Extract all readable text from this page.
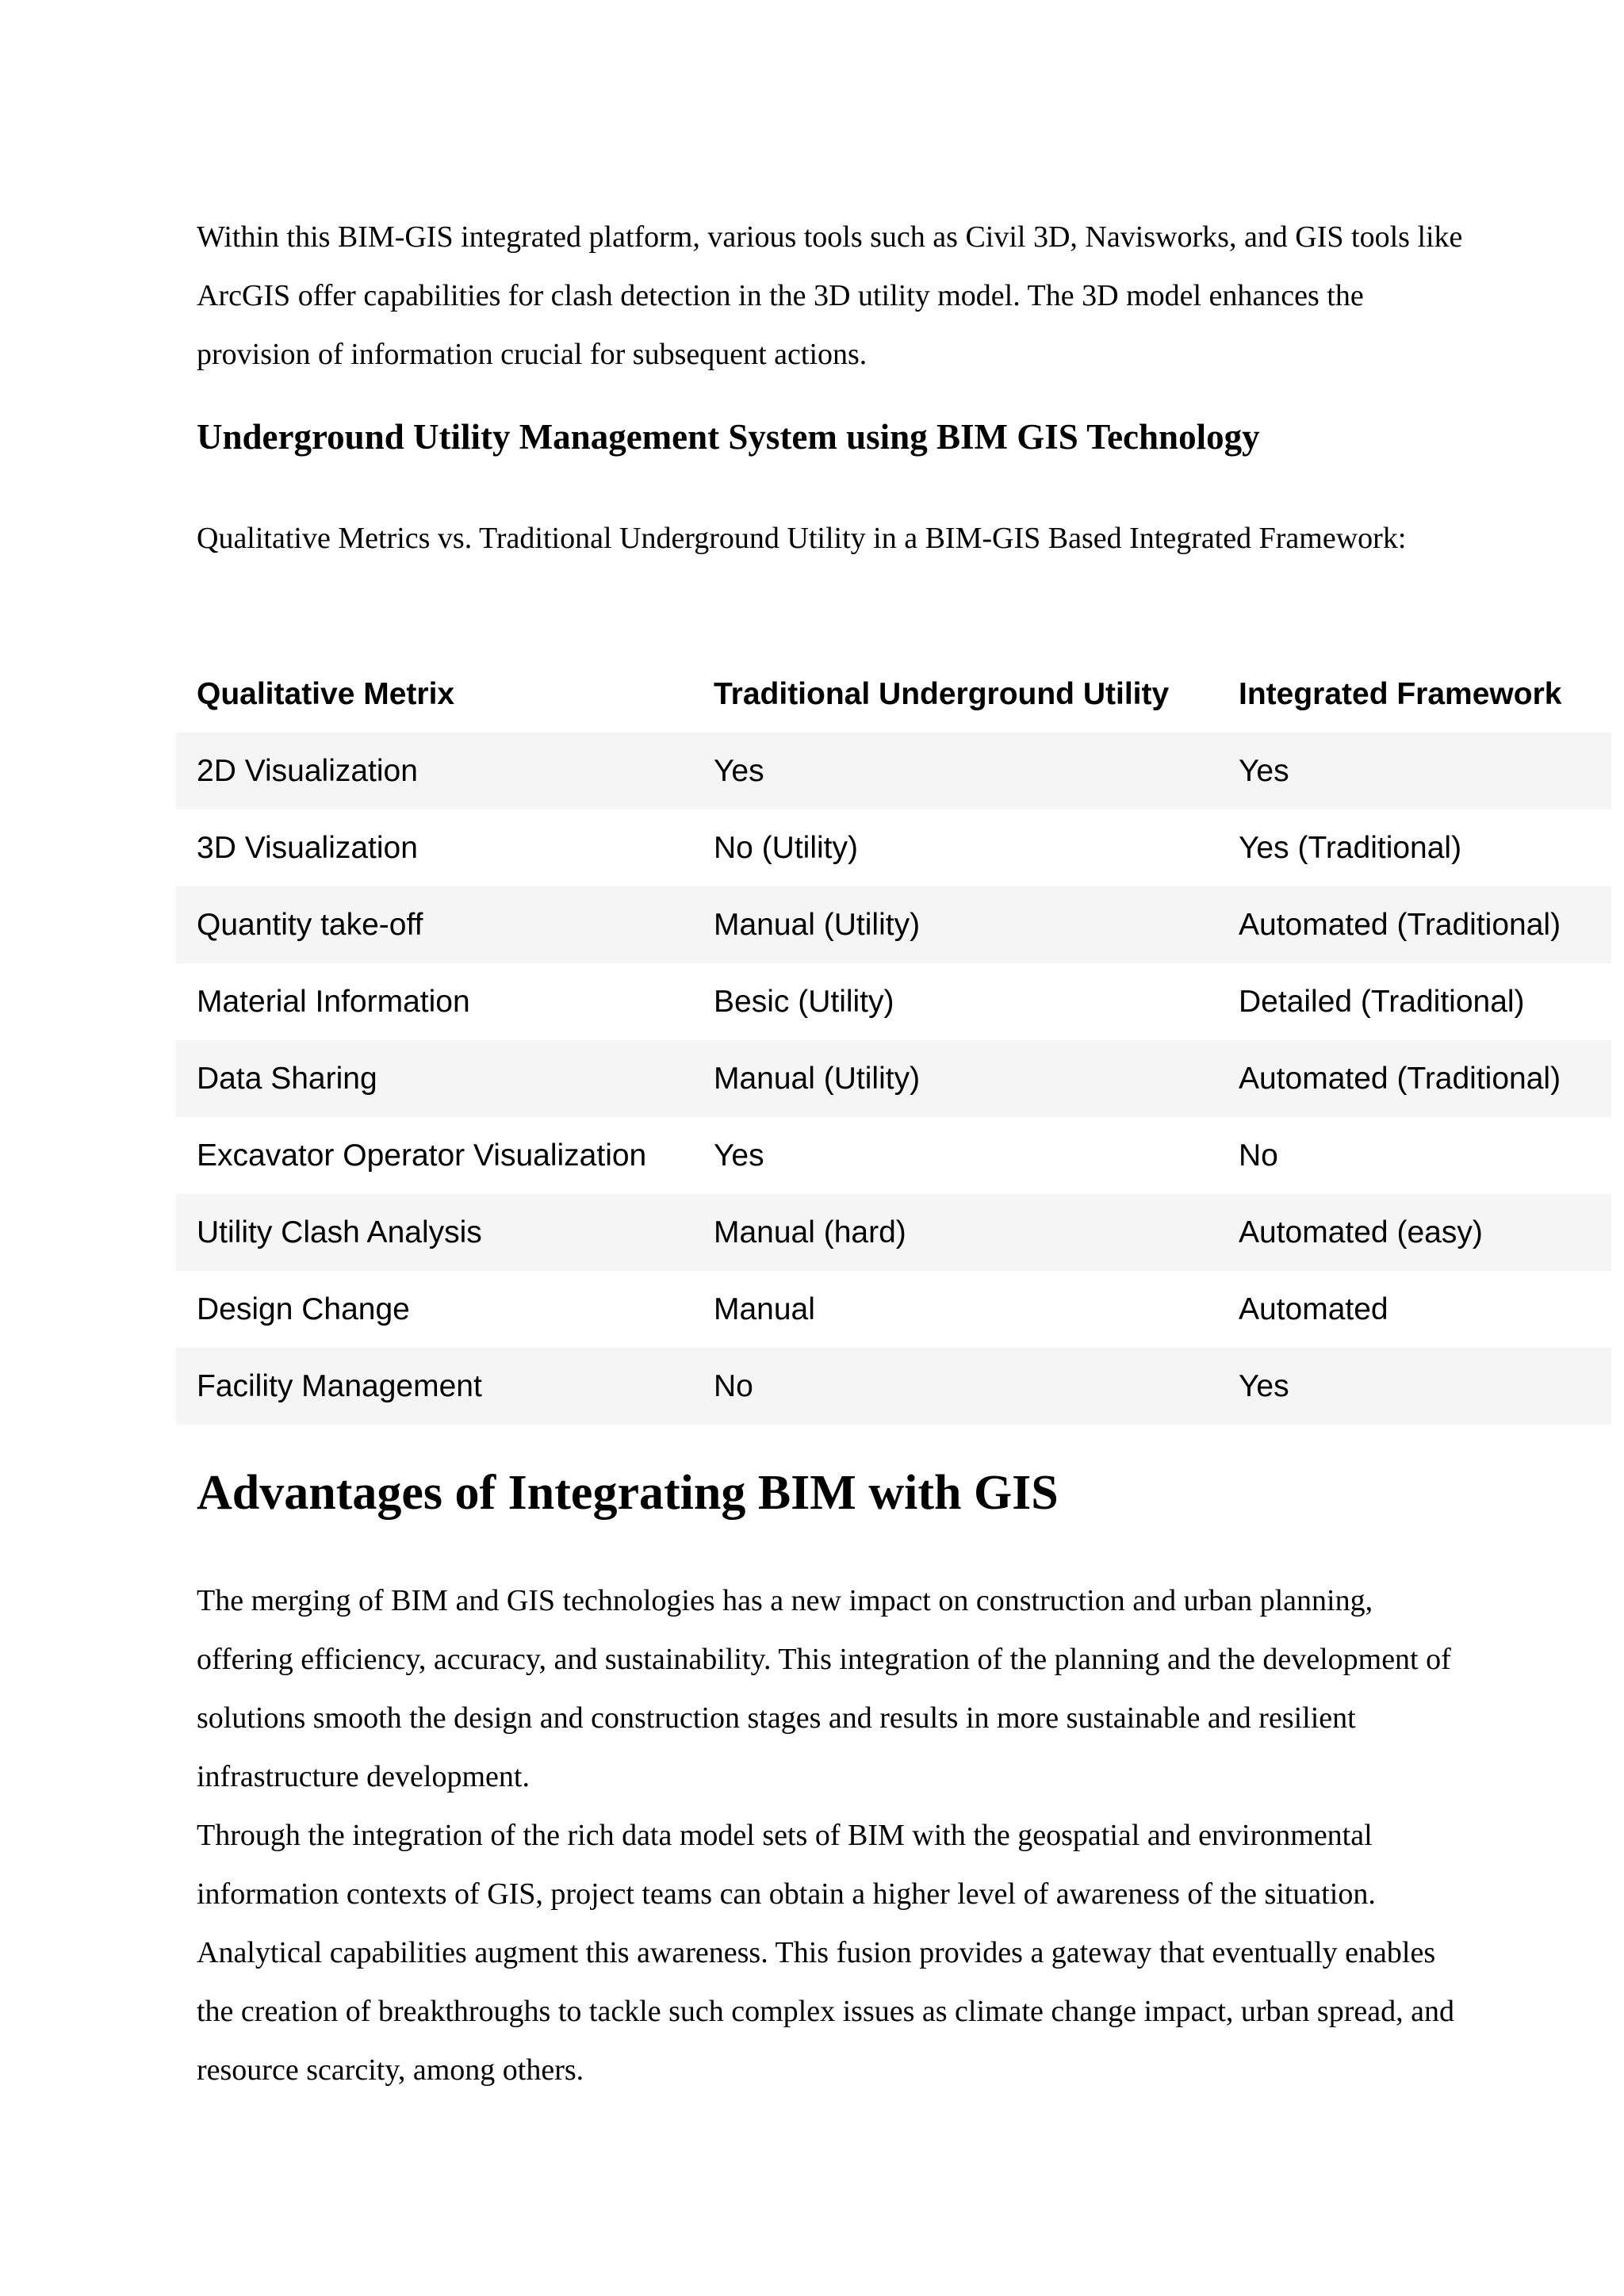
Within this BIM-GIS integrated platform, various tools such as Civil 3D, Navisworks, and GIS tools like ArcGIS offer capabilities for clash detection in the 3D utility model. The 3D model enhances the provision of information crucial for subsequent actions.

Underground Utility Management System using BIM GIS Technology

Qualitative Metrics vs. Traditional Underground Utility in a BIM-GIS Based Integrated Framework:

Qualitative Metrix	Traditional Underground Utility	Integrated Framework
2D Visualization	Yes	Yes
3D Visualization	No (Utility)	Yes (Traditional)
Quantity take-off	Manual (Utility)	Automated (Traditional)
Material Information	Besic (Utility)	Detailed (Traditional)
Data Sharing	Manual (Utility)	Automated (Traditional)
Excavator Operator Visualization	Yes	No
Utility Clash Analysis	Manual (hard)	Automated (easy)
Design Change	Manual	Automated
Facility Management	No	Yes
Advantages of Integrating BIM with GIS

The merging of BIM and GIS technologies has a new impact on construction and urban planning, offering efficiency, accuracy, and sustainability. This integration of the planning and the development of solutions smooth the design and construction stages and results in more sustainable and resilient infrastructure development.

Through the integration of the rich data model sets of BIM with the geospatial and environmental information contexts of GIS, project teams can obtain a higher level of awareness of the situation. Analytical capabilities augment this awareness. This fusion provides a gateway that eventually enables the creation of breakthroughs to tackle such complex issues as climate change impact, urban spread, and resource scarcity, among others.
